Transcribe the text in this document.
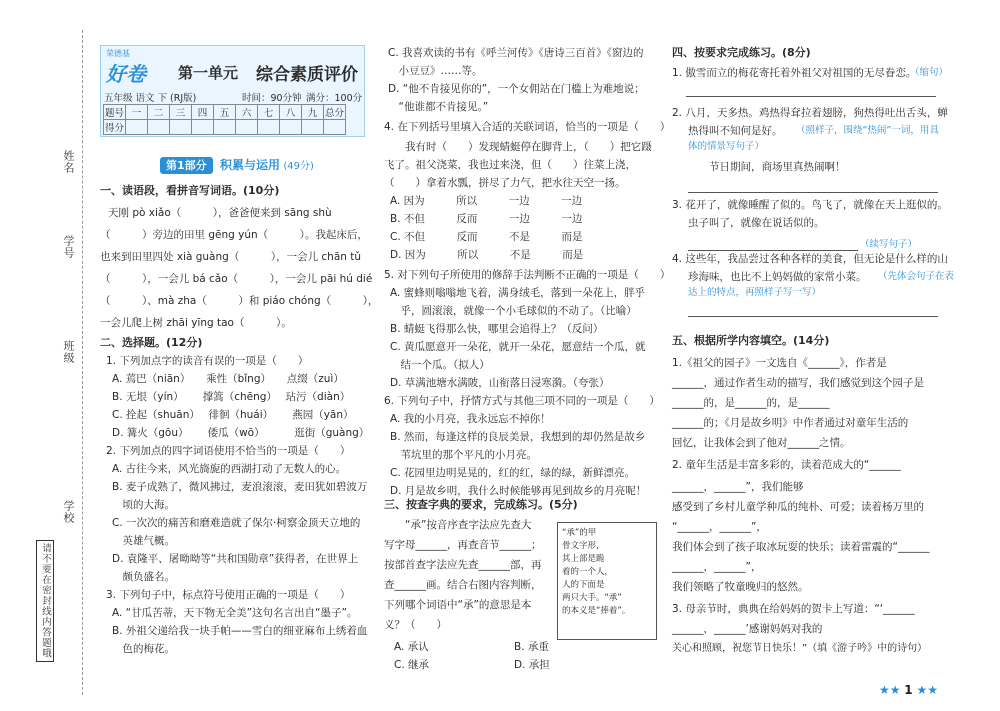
姓名
学号
班级
学校
请不要在密封线内答题哦
荣德基
好卷 第一单元 综合素质评价
五年级 语文 下 (RJ版)	时间：90分钟 满分：100分
题号	一	二	三	四	五	六	七	八	九	总分
得分										
第1部分 积累与运用 (49分)
一、读语段，看拼音写词语。(10分)
天刚 pò xiǎo（　　　），爸爸便来到 sāng shù
（　　　）旁边的田里 gēng yún（　　　）。我起床后，
也来到田里四处 xià guàng（　　　），一会儿 chān tǔ
（　　　），一会儿 bá cǎo（　　　），一会儿 pāi hú dié
（　　　）、mà zha（　　　）和 piáo chóng（　　　），
一会儿爬上树 zhāi yīng tao（　　　）。
二、选择题。(12分)
1. 下列加点字的读音有误的一项是（　　）
A. 蔫巴（niān）　　乘性（bǐng）　　点缀（zuì）
B. 无垠（yín）　　 撑篙（chēng）　 玷污（diàn）
C. 拴起（shuān）　 徘徊（huái）　　 燕园（yān）
D. 篝火（gōu）　　 倭瓜（wō）　　　 逛街（guàng）
2. 下列加点的四字词语使用不恰当的一项是（　　）
A. 古往今来，风光旖旎的西湖打动了无数人的心。
B. 麦子成熟了，微风拂过，麦浪滚滚，麦田犹如碧波万
　顷的大海。
C. 一次次的痛苦和磨难造就了保尔·柯察金顶天立地的
　英雄气概。
D. 袁隆平、屠呦呦等“共和国勋章”获得者，在世界上
　颇负盛名。
3. 下列句子中，标点符号使用正确的一项是（　　）
A. “甘瓜苦蒂，天下物无全美”这句名言出自“墨子”。
B. 外祖父递给我一块手帕——雪白的细亚麻布上绣着血
　色的梅花。
C. 我喜欢读的书有《呼兰河传》《唐诗三百首》《窗边的
　小豆豆》……等。
D. “他不肯接见你的”，一个女佣站在门槛上为难地说；
　“他谁都不肯接见。”
4. 在下列括号里填入合适的关联词语，恰当的一项是（　　）
　　我有时（　　）发现蜻蜓停在脚背上，（　　）把它蹑
飞了。祖父浇菜，我也过来浇，但（　　）往菜上浇，
（　　）拿着水瓢，拼尽了力气，把水往天空一扬。
A. 因为　　　所以　　　一边　　　一边
B. 不但　　　反而　　　一边　　　一边
C. 不但　　　反而　　　不是　　　而是
D. 因为　　　所以　　　不是　　　而是
5. 对下列句子所使用的修辞手法判断不正确的一项是（　　）
A. 蜜蜂则嗡嗡地飞着，满身绒毛，落到一朵花上，胖乎
　乎，圆滚滚，就像一个小毛球似的不动了。（比喻）
B. 蜻蜓飞得那么快，哪里会追得上？（反问）
C. 黄瓜愿意开一朵花，就开一朵花，愿意结一个瓜，就
　结一个瓜。（拟人）
D. 草满池塘水满陂，山衔落日浸寒漪。（夸张）
6. 下列句子中，抒情方式与其他三项不同的一项是（　　）
A. 我的小月亮，我永远忘不掉你！
B. 然而，每逢这样的良辰美景，我想到的却仍然是故乡
　苇坑里的那个平凡的小月亮。
C. 花园里边明晃晃的，红的红，绿的绿，新鲜漂亮。
D. 月是故乡明，我什么时候能够再见到故乡的月亮呢！
三、按查字典的要求，完成练习。(5分)
　　“承”按音序查字法应先查大
写字母______，再查音节______；
按部首查字法应先查______部，再
查______画。结合右图内容判断，
下列哪个词语中“承”的意思是本
义？（　　）
“承”的甲
骨文字形，
其上部是跪
着的一个人，
人的下面是
两只大手。“承”
的本义是“捧着”。
A. 承认	B. 承重
C. 继承	D. 承担
四、按要求完成练习。(8分)
1. 傲雪而立的梅花寄托着外祖父对祖国的无尽眷恋。
（缩句）
2. 八月，天多热。鸡热得耷拉着翅膀，狗热得吐出舌头，蝉
热得叫不知何是好。 （照样子，围绕“热闹”一词，用具
体的情景写句子）
　　节日期间，商场里真热闹啊！
3. 花开了，就像睡醒了似的。鸟飞了，就像在天上逛似的。
虫子叫了，就像在说话似的。
（续写句子）
4. 这些年，我品尝过各种各样的美食，但无论是什么样的山
珍海味，也比不上妈妈做的家常小菜。 （先体会句子在表
达上的特点，再照样子写一写）
五、根据所学内容填空。(14分)
1.《祖父的园子》一文选自《______》，作者是
______，通过作者生动的描写，我们感觉到这个园子是
______的，是______的，是______
______的；《月是故乡明》中作者通过对童年生活的
回忆，让我体会到了他对______之情。
2. 童年生活是丰富多彩的，读着范成大的“______
______，______”，我们能够
感受到了乡村儿童学种瓜的纯朴、可爱；读着杨万里的
“______，______”，
我们体会到了孩子取冰玩耍的快乐；读着雷震的“______
______，______”，
我们领略了牧童晚归的悠然。
3. 母亲节时，典典在给妈妈的贺卡上写道：“‘______
______，______’感谢妈妈对我的
关心和照顾，祝您节日快乐！”（填《游子吟》中的诗句）
★★ 1 ★★
